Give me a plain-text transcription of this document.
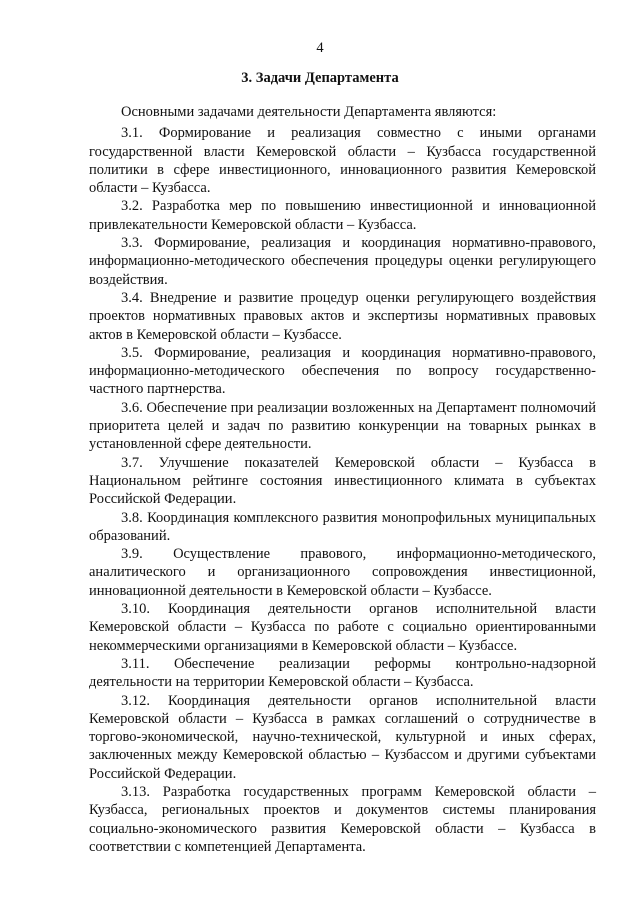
4
3. Задачи Департамента

Основными задачами деятельности Департамента являются:

3.1. Формирование и реализация совместно с иными органами государственной власти Кемеровской области – Кузбасса государственной политики в сфере инвестиционного, инновационного развития Кемеровской области – Кузбасса.

3.2. Разработка мер по повышению инвестиционной и инновационной привлекательности Кемеровской области – Кузбасса.

3.3. Формирование, реализация и координация нормативно-правового, информационно-методического обеспечения процедуры оценки регулирующего воздействия.

3.4. Внедрение и развитие процедур оценки регулирующего воздействия проектов нормативных правовых актов и экспертизы нормативных правовых актов в Кемеровской области – Кузбассе.

3.5. Формирование, реализация и координация нормативно-правового, информационно-методического обеспечения по вопросу государственно-частного партнерства.

3.6. Обеспечение при реализации возложенных на Департамент полномочий приоритета целей и задач по развитию конкуренции на товарных рынках в установленной сфере деятельности.

3.7. Улучшение показателей Кемеровской области – Кузбасса в Национальном рейтинге состояния инвестиционного климата в субъектах Российской Федерации.

3.8. Координация комплексного развития монопрофильных муниципальных образований.

3.9. Осуществление правового, информационно-методического, аналитического и организационного сопровождения инвестиционной, инновационной деятельности в Кемеровской области – Кузбассе.

3.10. Координация деятельности органов исполнительной власти Кемеровской области – Кузбасса по работе с социально ориентированными некоммерческими организациями в Кемеровской области – Кузбассе.

3.11. Обеспечение реализации реформы контрольно-надзорной деятельности на территории Кемеровской области – Кузбасса.

3.12. Координация деятельности органов исполнительной власти Кемеровской области – Кузбасса в рамках соглашений о сотрудничестве в торгово-экономической, научно-технической, культурной и иных сферах, заключенных между Кемеровской областью – Кузбассом и другими субъектами Российской Федерации.

3.13. Разработка государственных программ Кемеровской области – Кузбасса, региональных проектов и документов системы планирования социально-экономического развития Кемеровской области – Кузбасса в соответствии с компетенцией Департамента.
